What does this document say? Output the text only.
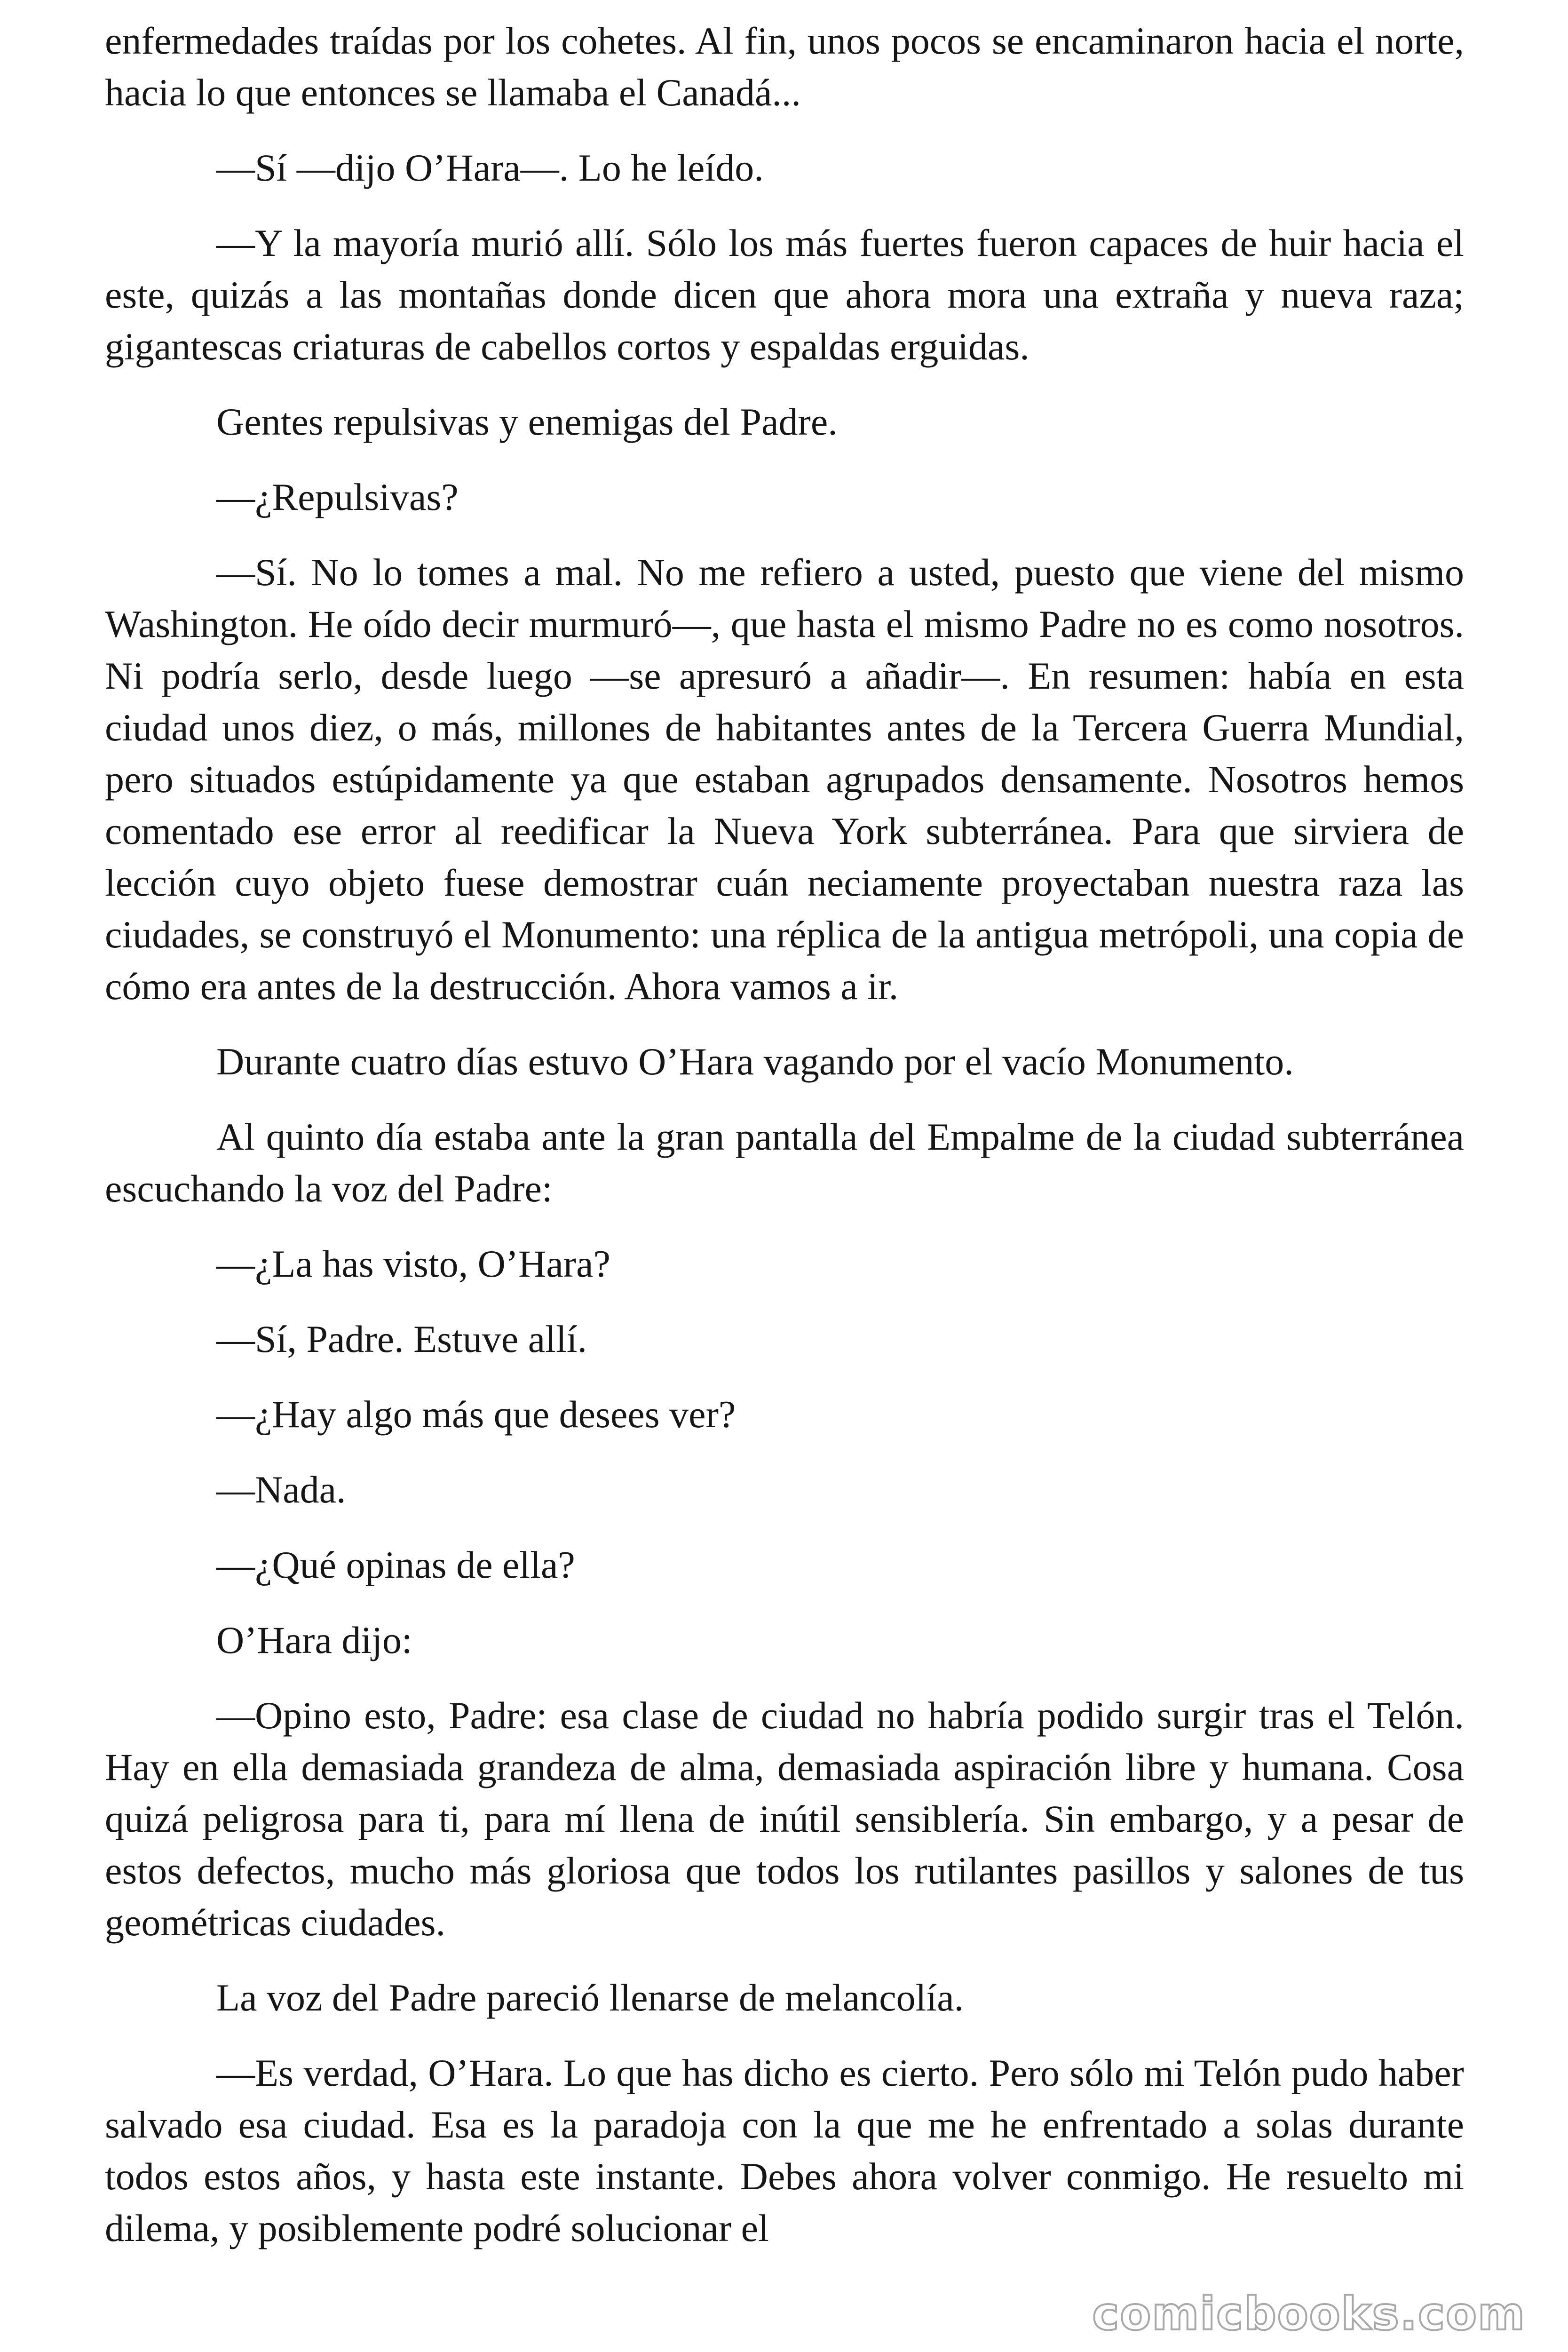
enfermedades traídas por los cohetes. Al fin, unos pocos se encaminaron hacia el norte, hacia lo que entonces se llamaba el Canadá...

—Sí —dijo O’Hara—. Lo he leído.

—Y la mayoría murió allí. Sólo los más fuertes fueron capaces de huir hacia el este, quizás a las montañas donde dicen que ahora mora una extraña y nueva raza; gigantescas criaturas de cabellos cortos y espaldas erguidas.

Gentes repulsivas y enemigas del Padre.

—¿Repulsivas?

—Sí. No lo tomes a mal. No me refiero a usted, puesto que viene del mismo Washington. He oído decir murmuró—, que hasta el mismo Padre no es como nosotros. Ni podría serlo, desde luego —se apresuró a añadir—. En resumen: había en esta ciudad unos diez, o más, millones de habitantes antes de la Tercera Guerra Mundial, pero situados estúpidamente ya que estaban agrupados densamente. Nosotros hemos comentado ese error al reedificar la Nueva York subterránea. Para que sirviera de lección cuyo objeto fuese demostrar cuán neciamente proyectaban nuestra raza las ciudades, se construyó el Monumento: una réplica de la antigua metrópoli, una copia de cómo era antes de la destrucción. Ahora vamos a ir.

Durante cuatro días estuvo O’Hara vagando por el vacío Monumento.

Al quinto día estaba ante la gran pantalla del Empalme de la ciudad subterránea escuchando la voz del Padre:

—¿La has visto, O’Hara?

—Sí, Padre. Estuve allí.

—¿Hay algo más que desees ver?

—Nada.

—¿Qué opinas de ella?

O’Hara dijo:

—Opino esto, Padre: esa clase de ciudad no habría podido surgir tras el Telón. Hay en ella demasiada grandeza de alma, demasiada aspiración libre y humana. Cosa quizá peligrosa para ti, para mí llena de inútil sensiblería. Sin embargo, y a pesar de estos defectos, mucho más gloriosa que todos los rutilantes pasillos y salones de tus geométricas ciudades.

La voz del Padre pareció llenarse de melancolía.

—Es verdad, O’Hara. Lo que has dicho es cierto. Pero sólo mi Telón pudo haber salvado esa ciudad. Esa es la paradoja con la que me he enfrentado a solas durante todos estos años, y hasta este instante. Debes ahora volver conmigo. He resuelto mi dilema, y posiblemente podré solucionar el

comicbooks.com
